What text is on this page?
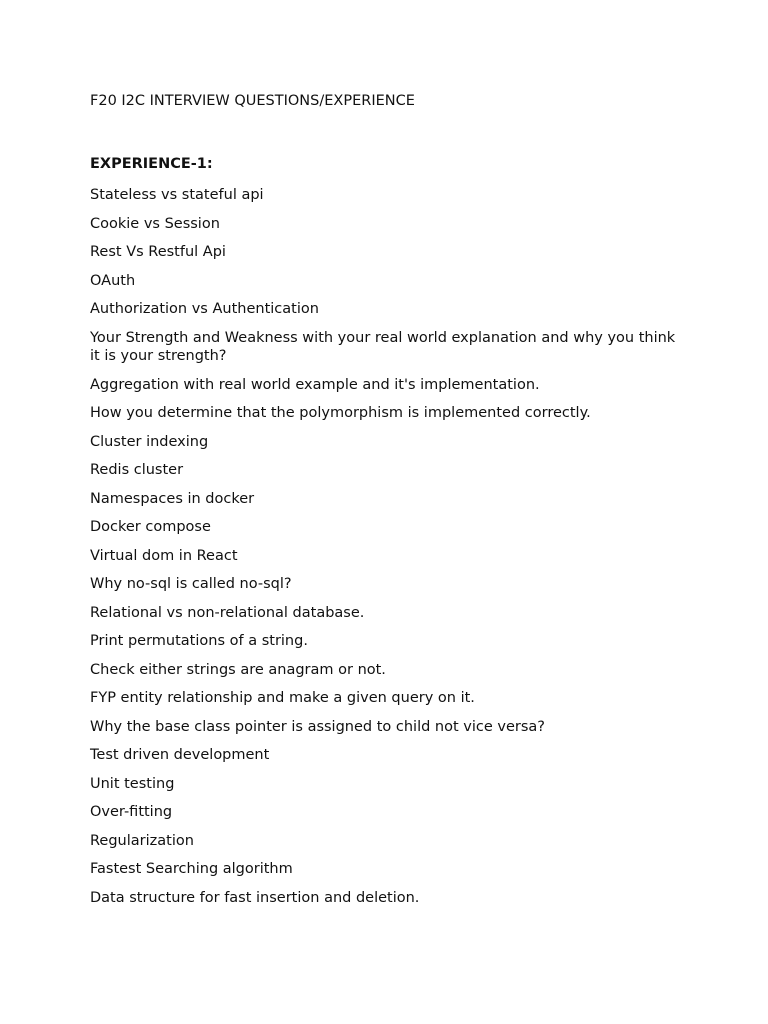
F20 I2C INTERVIEW QUESTIONS/EXPERIENCE

EXPERIENCE-1:

Stateless vs stateful api
Cookie vs Session
Rest Vs Restful Api
OAuth
Authorization vs Authentication
Your Strength and Weakness with your real world explanation and why you think it is your strength?
Aggregation with real world example and it's implementation.
How you determine that the polymorphism is implemented correctly.
Cluster indexing
Redis cluster
Namespaces in docker
Docker compose
Virtual dom in React
Why no-sql is called no-sql?
Relational vs non-relational database.
Print permutations of a string.
Check either strings are anagram or not.
FYP entity relationship and make a given query on it.
Why the base class pointer is assigned to child not vice versa?
Test driven development
Unit testing
Over-fitting
Regularization
Fastest Searching algorithm
Data structure for fast insertion and deletion.
